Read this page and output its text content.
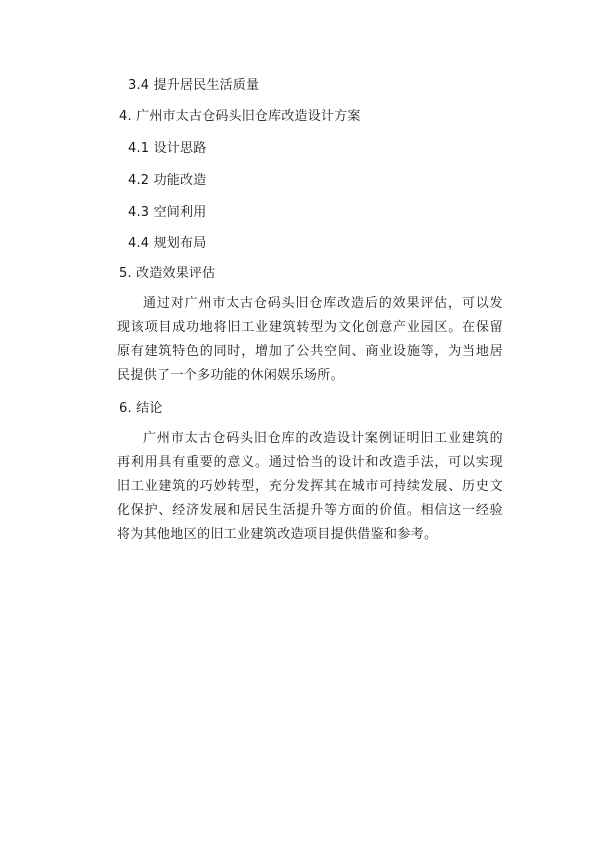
3.4 提升居民生活质量
4. 广州市太古仓码头旧仓库改造设计方案
4.1 设计思路
4.2 功能改造
4.3 空间利用
4.4 规划布局
5. 改造效果评估

通过对广州市太古仓码头旧仓库改造后的效果评估，可以发现该项目成功地将旧工业建筑转型为文化创意产业园区。在保留原有建筑特色的同时，增加了公共空间、商业设施等，为当地居民提供了一个多功能的休闲娱乐场所。

6. 结论

广州市太古仓码头旧仓库的改造设计案例证明旧工业建筑的再利用具有重要的意义。通过恰当的设计和改造手法，可以实现旧工业建筑的巧妙转型，充分发挥其在城市可持续发展、历史文化保护、经济发展和居民生活提升等方面的价值。相信这一经验将为其他地区的旧工业建筑改造项目提供借鉴和参考。
